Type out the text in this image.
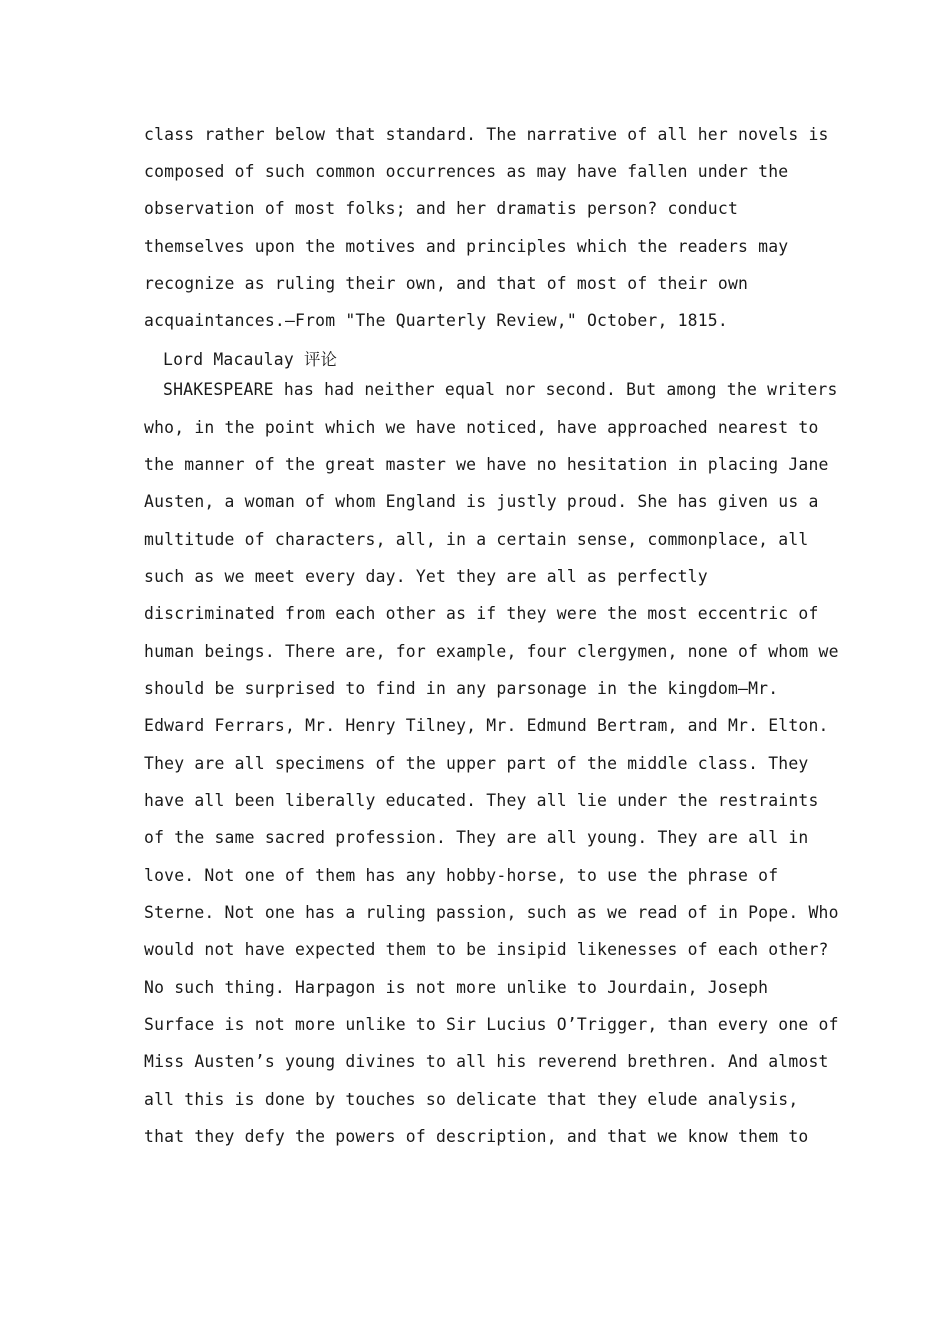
class rather below that standard. The narrative of all her novels is
composed of such common occurrences as may have fallen under the
observation of most folks; and her dramatis person? conduct
themselves upon the motives and principles which the readers may
recognize as ruling their own, and that of most of their own
acquaintances.—From "The Quarterly Review," October, 1815.
Lord Macaulay 评论
SHAKESPEARE has had neither equal nor second. But among the writers
who, in the point which we have noticed, have approached nearest to
the manner of the great master we have no hesitation in placing Jane
Austen, a woman of whom England is justly proud. She has given us a
multitude of characters, all, in a certain sense, commonplace, all
such as we meet every day. Yet they are all as perfectly
discriminated from each other as if they were the most eccentric of
human beings. There are, for example, four clergymen, none of whom we
should be surprised to find in any parsonage in the kingdom—Mr.
Edward Ferrars, Mr. Henry Tilney, Mr. Edmund Bertram, and Mr. Elton.
They are all specimens of the upper part of the middle class. They
have all been liberally educated. They all lie under the restraints
of the same sacred profession. They are all young. They are all in
love. Not one of them has any hobby-horse, to use the phrase of
Sterne. Not one has a ruling passion, such as we read of in Pope. Who
would not have expected them to be insipid likenesses of each other?
No such thing. Harpagon is not more unlike to Jourdain, Joseph
Surface is not more unlike to Sir Lucius O’Trigger, than every one of
Miss Austen’s young divines to all his reverend brethren. And almost
all this is done by touches so delicate that they elude analysis,
that they defy the powers of description, and that we know them to
